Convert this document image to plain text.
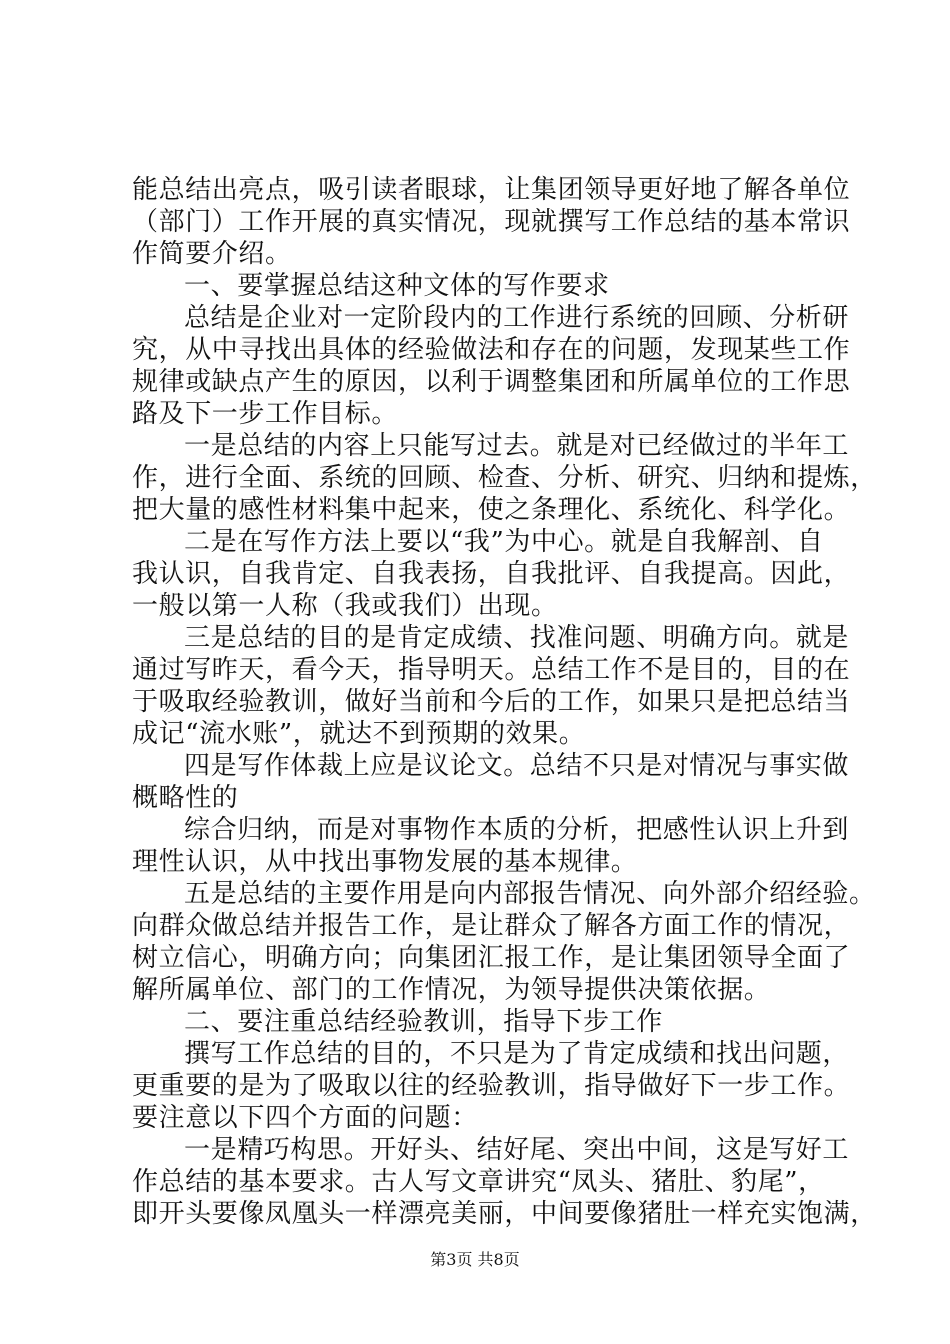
能总结出亮点，吸引读者眼球，让集团领导更好地了解各单位
（部门）工作开展的真实情况，现就撰写工作总结的基本常识
作简要介绍。
一、要掌握总结这种文体的写作要求
总结是企业对一定阶段内的工作进行系统的回顾、分析研
究，从中寻找出具体的经验做法和存在的问题，发现某些工作
规律或缺点产生的原因，以利于调整集团和所属单位的工作思
路及下一步工作目标。
一是总结的内容上只能写过去。就是对已经做过的半年工
作，进行全面、系统的回顾、检查、分析、研究、归纳和提炼，
把大量的感性材料集中起来，使之条理化、系统化、科学化。
二是在写作方法上要以“我”为中心。就是自我解剖、自
我认识，自我肯定、自我表扬，自我批评、自我提高。因此，
一般以第一人称（我或我们）出现。
三是总结的目的是肯定成绩、找准问题、明确方向。就是
通过写昨天，看今天，指导明天。总结工作不是目的，目的在
于吸取经验教训，做好当前和今后的工作，如果只是把总结当
成记“流水账”，就达不到预期的效果。
四是写作体裁上应是议论文。总结不只是对情况与事实做
概略性的
综合归纳，而是对事物作本质的分析，把感性认识上升到
理性认识，从中找出事物发展的基本规律。
五是总结的主要作用是向内部报告情况、向外部介绍经验。
向群众做总结并报告工作，是让群众了解各方面工作的情况，
树立信心，明确方向；向集团汇报工作，是让集团领导全面了
解所属单位、部门的工作情况，为领导提供决策依据。
二、要注重总结经验教训，指导下步工作
撰写工作总结的目的，不只是为了肯定成绩和找出问题，
更重要的是为了吸取以往的经验教训，指导做好下一步工作。
要注意以下四个方面的问题：
一是精巧构思。开好头、结好尾、突出中间，这是写好工
作总结的基本要求。古人写文章讲究“凤头、猪肚、豹尾”，
即开头要像凤凰头一样漂亮美丽，中间要像猪肚一样充实饱满，
第3页 共8页
